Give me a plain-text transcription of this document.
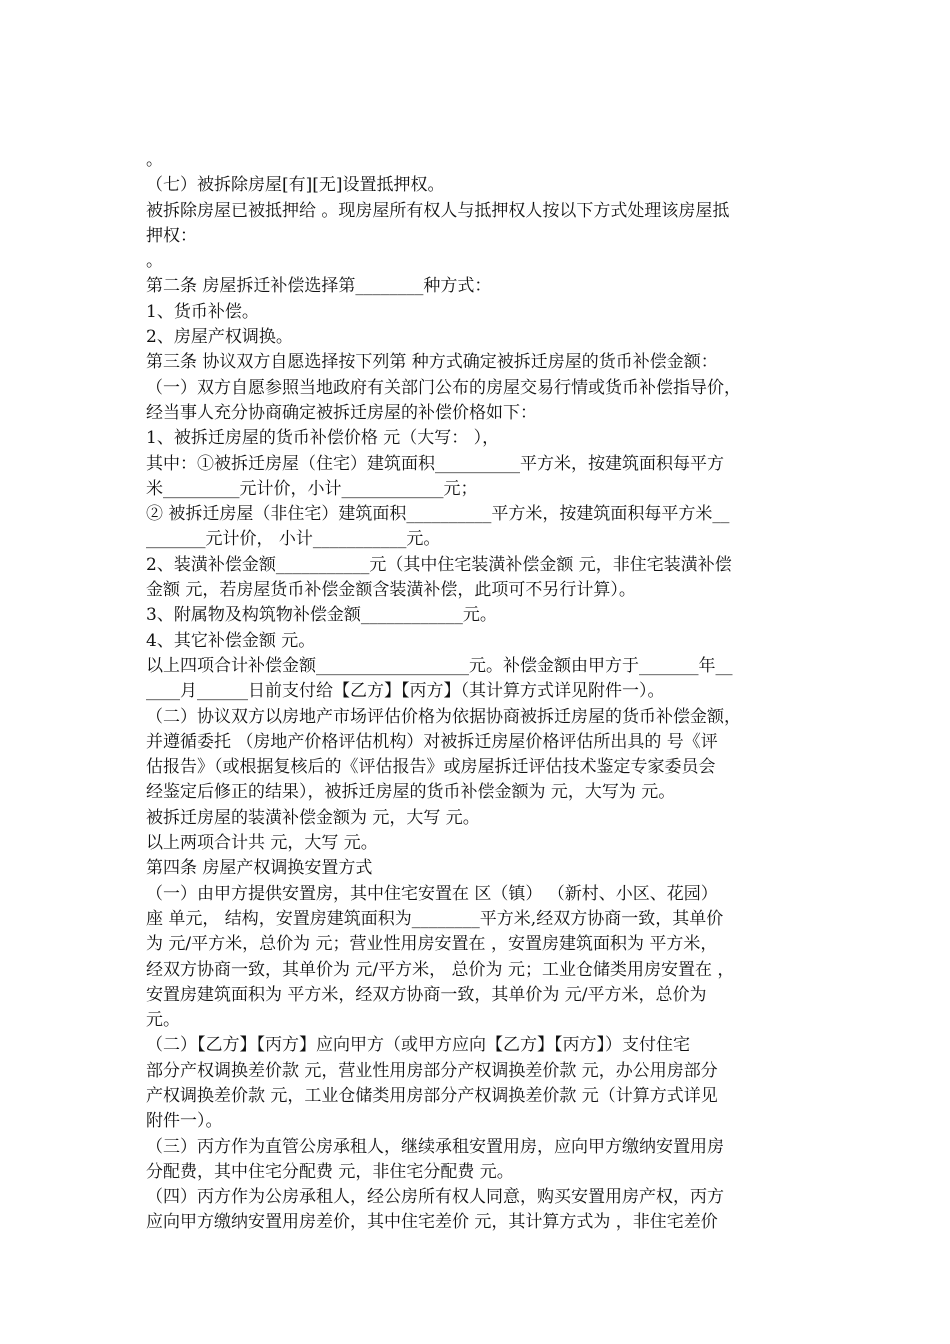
。
（七）被拆除房屋[有][无]设置抵押权。
被拆除房屋已被抵押给 。现房屋所有权人与抵押权人按以下方式处理该房屋抵
押权：
。
第二条 房屋拆迁补偿选择第________种方式：
1、货币补偿。
2、房屋产权调换。
第三条 协议双方自愿选择按下列第 种方式确定被拆迁房屋的货币补偿金额：
（一）双方自愿参照当地政府有关部门公布的房屋交易行情或货币补偿指导价，
经当事人充分协商确定被拆迁房屋的补偿价格如下：
1、被拆迁房屋的货币补偿价格 元（大写： ），
其中：①被拆迁房屋（住宅）建筑面积__________平方米，按建筑面积每平方
米_________元计价，小计____________元；
② 被拆迁房屋（非住宅）建筑面积__________平方米，按建筑面积每平方米__
_______元计价， 小计___________元。
2、装潢补偿金额___________元（其中住宅装潢补偿金额 元，非住宅装潢补偿
金额 元，若房屋货币补偿金额含装潢补偿，此项可不另行计算）。
3、附属物及构筑物补偿金额____________元。
4、其它补偿金额 元。
以上四项合计补偿金额__________________元。补偿金额由甲方于_______年__
____月______日前支付给【乙方】【丙方】（其计算方式详见附件一）。
（二）协议双方以房地产市场评估价格为依据协商被拆迁房屋的货币补偿金额，
并遵循委托 （房地产价格评估机构）对被拆迁房屋价格评估所出具的 号《评
估报告》（或根据复核后的《评估报告》或房屋拆迁评估技术鉴定专家委员会
经鉴定后修正的结果），被拆迁房屋的货币补偿金额为 元，大写为 元。
被拆迁房屋的装潢补偿金额为 元，大写 元。
以上两项合计共 元，大写 元。
第四条 房屋产权调换安置方式
（一）由甲方提供安置房，其中住宅安置在 区（镇） （新村、小区、花园）
座 单元， 结构，安置房建筑面积为________平方米,经双方协商一致，其单价
为 元/平方米，总价为 元；营业性用房安置在 ，安置房建筑面积为 平方米，
经双方协商一致，其单价为 元/平方米， 总价为 元；工业仓储类用房安置在 ，
安置房建筑面积为 平方米，经双方协商一致，其单价为 元/平方米，总价为
元。
（二）【乙方】【丙方】应向甲方（或甲方应向【乙方】【丙方】）支付住宅
部分产权调换差价款 元，营业性用房部分产权调换差价款 元，办公用房部分
产权调换差价款 元，工业仓储类用房部分产权调换差价款 元（计算方式详见
附件一）。
（三）丙方作为直管公房承租人，继续承租安置用房，应向甲方缴纳安置用房
分配费，其中住宅分配费 元，非住宅分配费 元。
（四）丙方作为公房承租人，经公房所有权人同意，购买安置用房产权，丙方
应向甲方缴纳安置用房差价，其中住宅差价 元，其计算方式为 ，非住宅差价
